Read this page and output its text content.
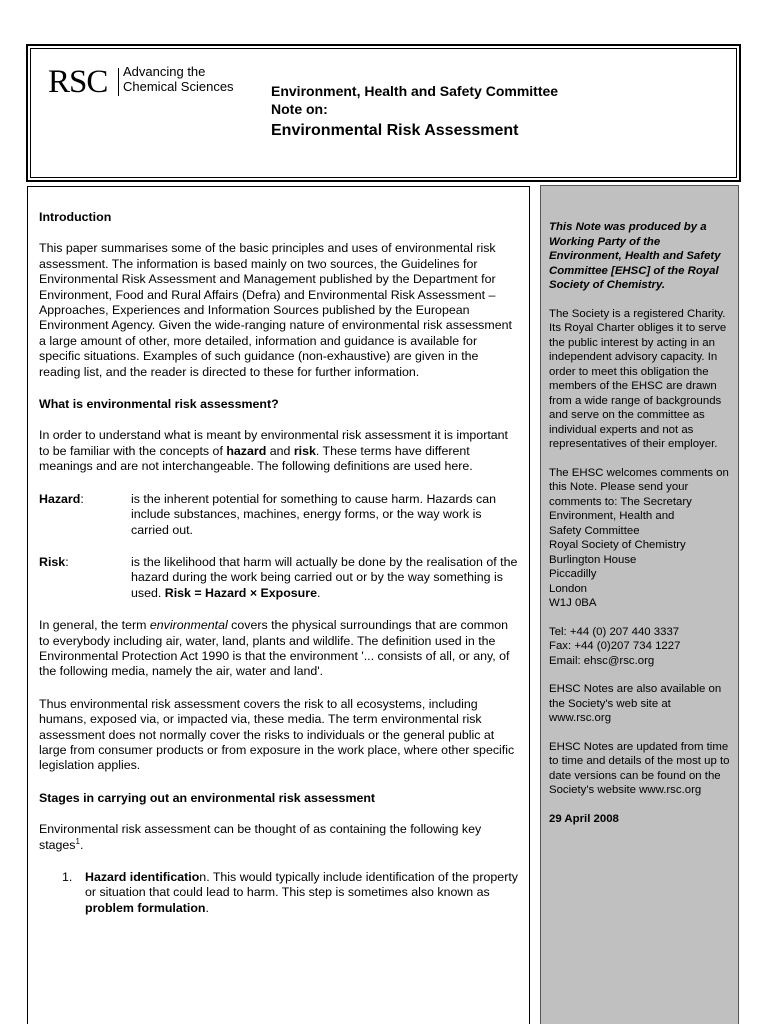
RSC Advancing the
Chemical Sciences	Environment, Health and Safety Committee
Note on:
Environmental Risk Assessment
Introduction

This paper summarises some of the basic principles and uses of environmental risk assessment. The information is based mainly on two sources, the Guidelines for Environmental Risk Assessment and Management published by the Department for Environment, Food and Rural Affairs (Defra) and Environmental Risk Assessment – Approaches, Experiences and Information Sources published by the European Environment Agency. Given the wide-ranging nature of environmental risk assessment a large amount of other, more detailed, information and guidance is available for specific situations. Examples of such guidance (non-exhaustive) are given in the reading list, and the reader is directed to these for further information.

What is environmental risk assessment?

In order to understand what is meant by environmental risk assessment it is important to be familiar with the concepts of hazard and risk. These terms have different meanings and are not interchangeable. The following definitions are used here.

Hazard:	is the inherent potential for something to cause harm. Hazards can include substances, machines, energy forms, or the way work is carried out.
Risk:	is the likelihood that harm will actually be done by the realisation of the hazard during the work being carried out or by the way something is used. Risk = Hazard × Exposure.

In general, the term environmental covers the physical surroundings that are common to everybody including air, water, land, plants and wildlife. The definition used in the Environmental Protection Act 1990 is that the environment '... consists of all, or any, of the following media, namely the air, water and land'.

Thus environmental risk assessment covers the risk to all ecosystems, including humans, exposed via, or impacted via, these media. The term environmental risk assessment does not normally cover the risks to individuals or the general public at large from consumer products or from exposure in the work place, where other specific legislation applies.

Stages in carrying out an environmental risk assessment

Environmental risk assessment can be thought of as containing the following key stages$^1$.

1.	Hazard identification. This would typically include identification of the property or situation that could lead to harm. This step is sometimes also known as problem formulation.

This Note was produced by a Working Party of the Environment, Health and Safety Committee [EHSC] of the Royal Society of Chemistry.

The Society is a registered Charity. Its Royal Charter obliges it to serve the public interest by acting in an independent advisory capacity. In order to meet this obligation the members of the EHSC are drawn from a wide range of backgrounds and serve on the committee as individual experts and not as representatives of their employer.

The EHSC welcomes comments on this Note. Please send your comments to: The Secretary
Environment, Health and
Safety Committee
Royal Society of Chemistry
Burlington House
Piccadilly
London
W1J 0BA

Tel: +44 (0) 207 440 3337
Fax: +44 (0)207 734 1227
Email: ehsc@rsc.org

EHSC Notes are also available on the Society's web site at www.rsc.org

EHSC Notes are updated from time to time and details of the most up to date versions can be found on the Society's website www.rsc.org

29 April 2008
